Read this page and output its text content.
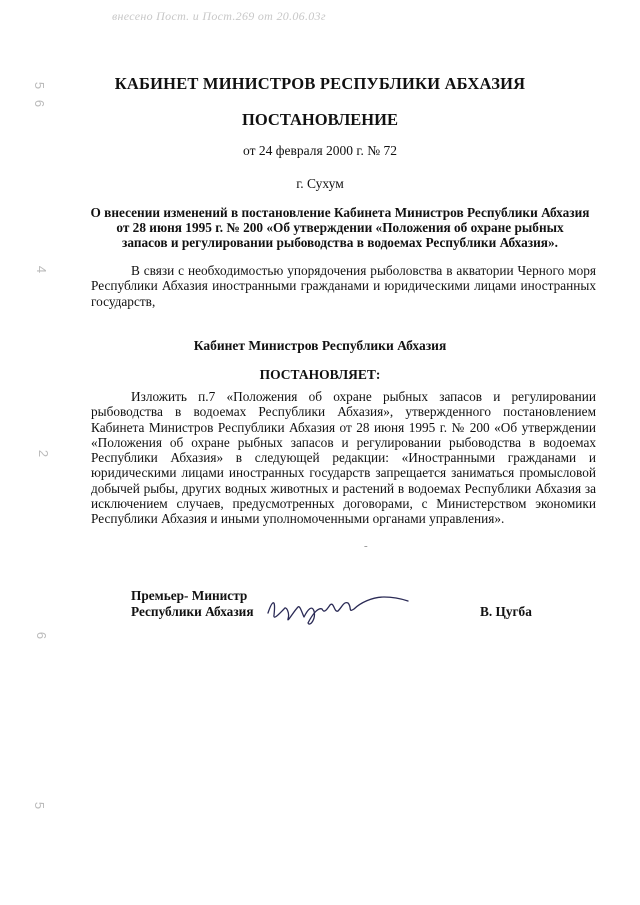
внесено Пост. и Пост.269 от 20.06.03г
5
6
4
2
6
5
КАБИНЕТ МИНИСТРОВ РЕСПУБЛИКИ АБХАЗИЯ
ПОСТАНОВЛЕНИЕ
от 24 февраля 2000 г. № 72
г. Сухум
О внесении изменений в постановление Кабинета Министров Республики Абхазия
от 28 июня 1995 г. № 200 «Об утверждении «Положения об охране рыбных
запасов и регулировании рыбоводства в водоемах Республики Абхазия».
В связи с необходимостью упорядочения рыболовства в акватории Черного моря Республики Абхазия иностранными гражданами и юридическими лицами иностранных государств,
Кабинет Министров Республики Абхазия
ПОСТАНОВЛЯЕТ:
Изложить п.7 «Положения об охране рыбных запасов и регулировании рыбоводства в водоемах Республики Абхазия», утвержденного постановлением Кабинета Министров Республики Абхазия от 28 июня 1995 г. № 200 «Об утверждении «Положения об охране рыбных запасов и регулировании рыбоводства в водоемах Республики Абхазия» в следующей редакции: «Иностранными гражданами и юридическими лицами иностранных государств запрещается заниматься промысловой добычей рыбы, других водных животных и растений в водоемах Республики Абхазия за исключением случаев, предусмотренных договорами, с Министерством экономики Республики Абхазия и иными уполномоченными органами управления».
-
Премьер- Министр
Республики Абхазия	В. Цугба
